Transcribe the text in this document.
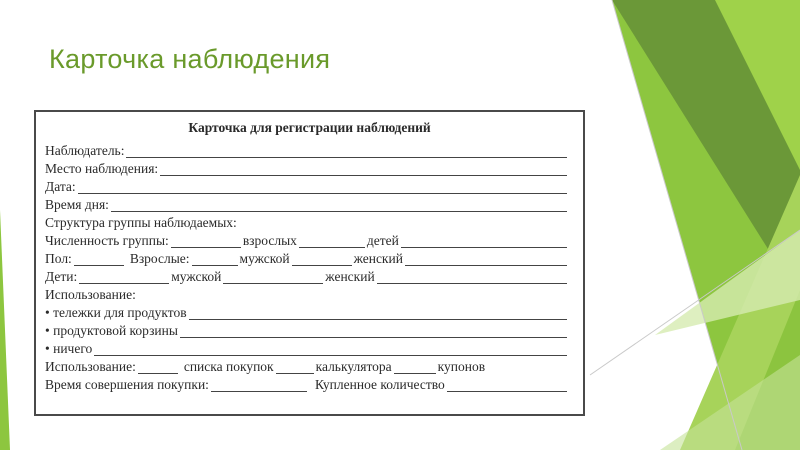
Карточка наблюдения
Карточка для регистрации наблюдений
Наблюдатель:
Место наблюдения:
Дата:
Время дня:
Структура группы наблюдаемых:
Численность группы:	взрослых	детей
Пол:	Взрослые:	мужской	женский
Дети:	мужской	женский
Использование:
• тележки для продуктов
• продуктовой корзины
• ничего
Использование:	списка покупок	калькулятора	купонов
Время совершения покупки:	Купленное количество
